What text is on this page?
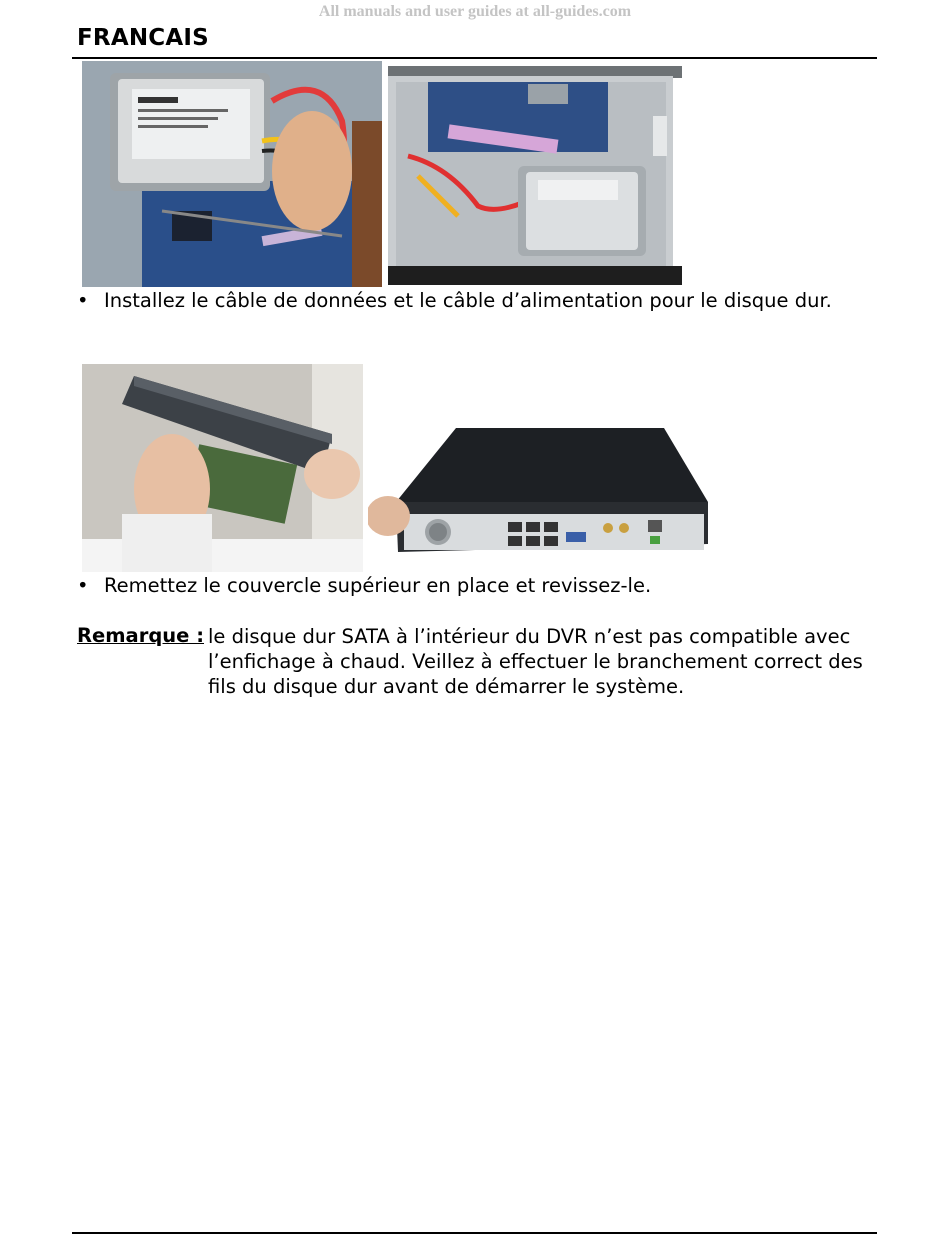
All manuals and user guides at all-guides.com
FRANCAIS
• Installez le câble de données et le câble d’alimentation pour le disque dur.
• Remettez le couvercle supérieur en place et revissez-le.
Remarque : le disque dur SATA à l’intérieur du DVR n’est pas compatible avec l’enfichage à chaud. Veillez à effectuer le branchement correct des fils du disque dur avant de démarrer le système.
